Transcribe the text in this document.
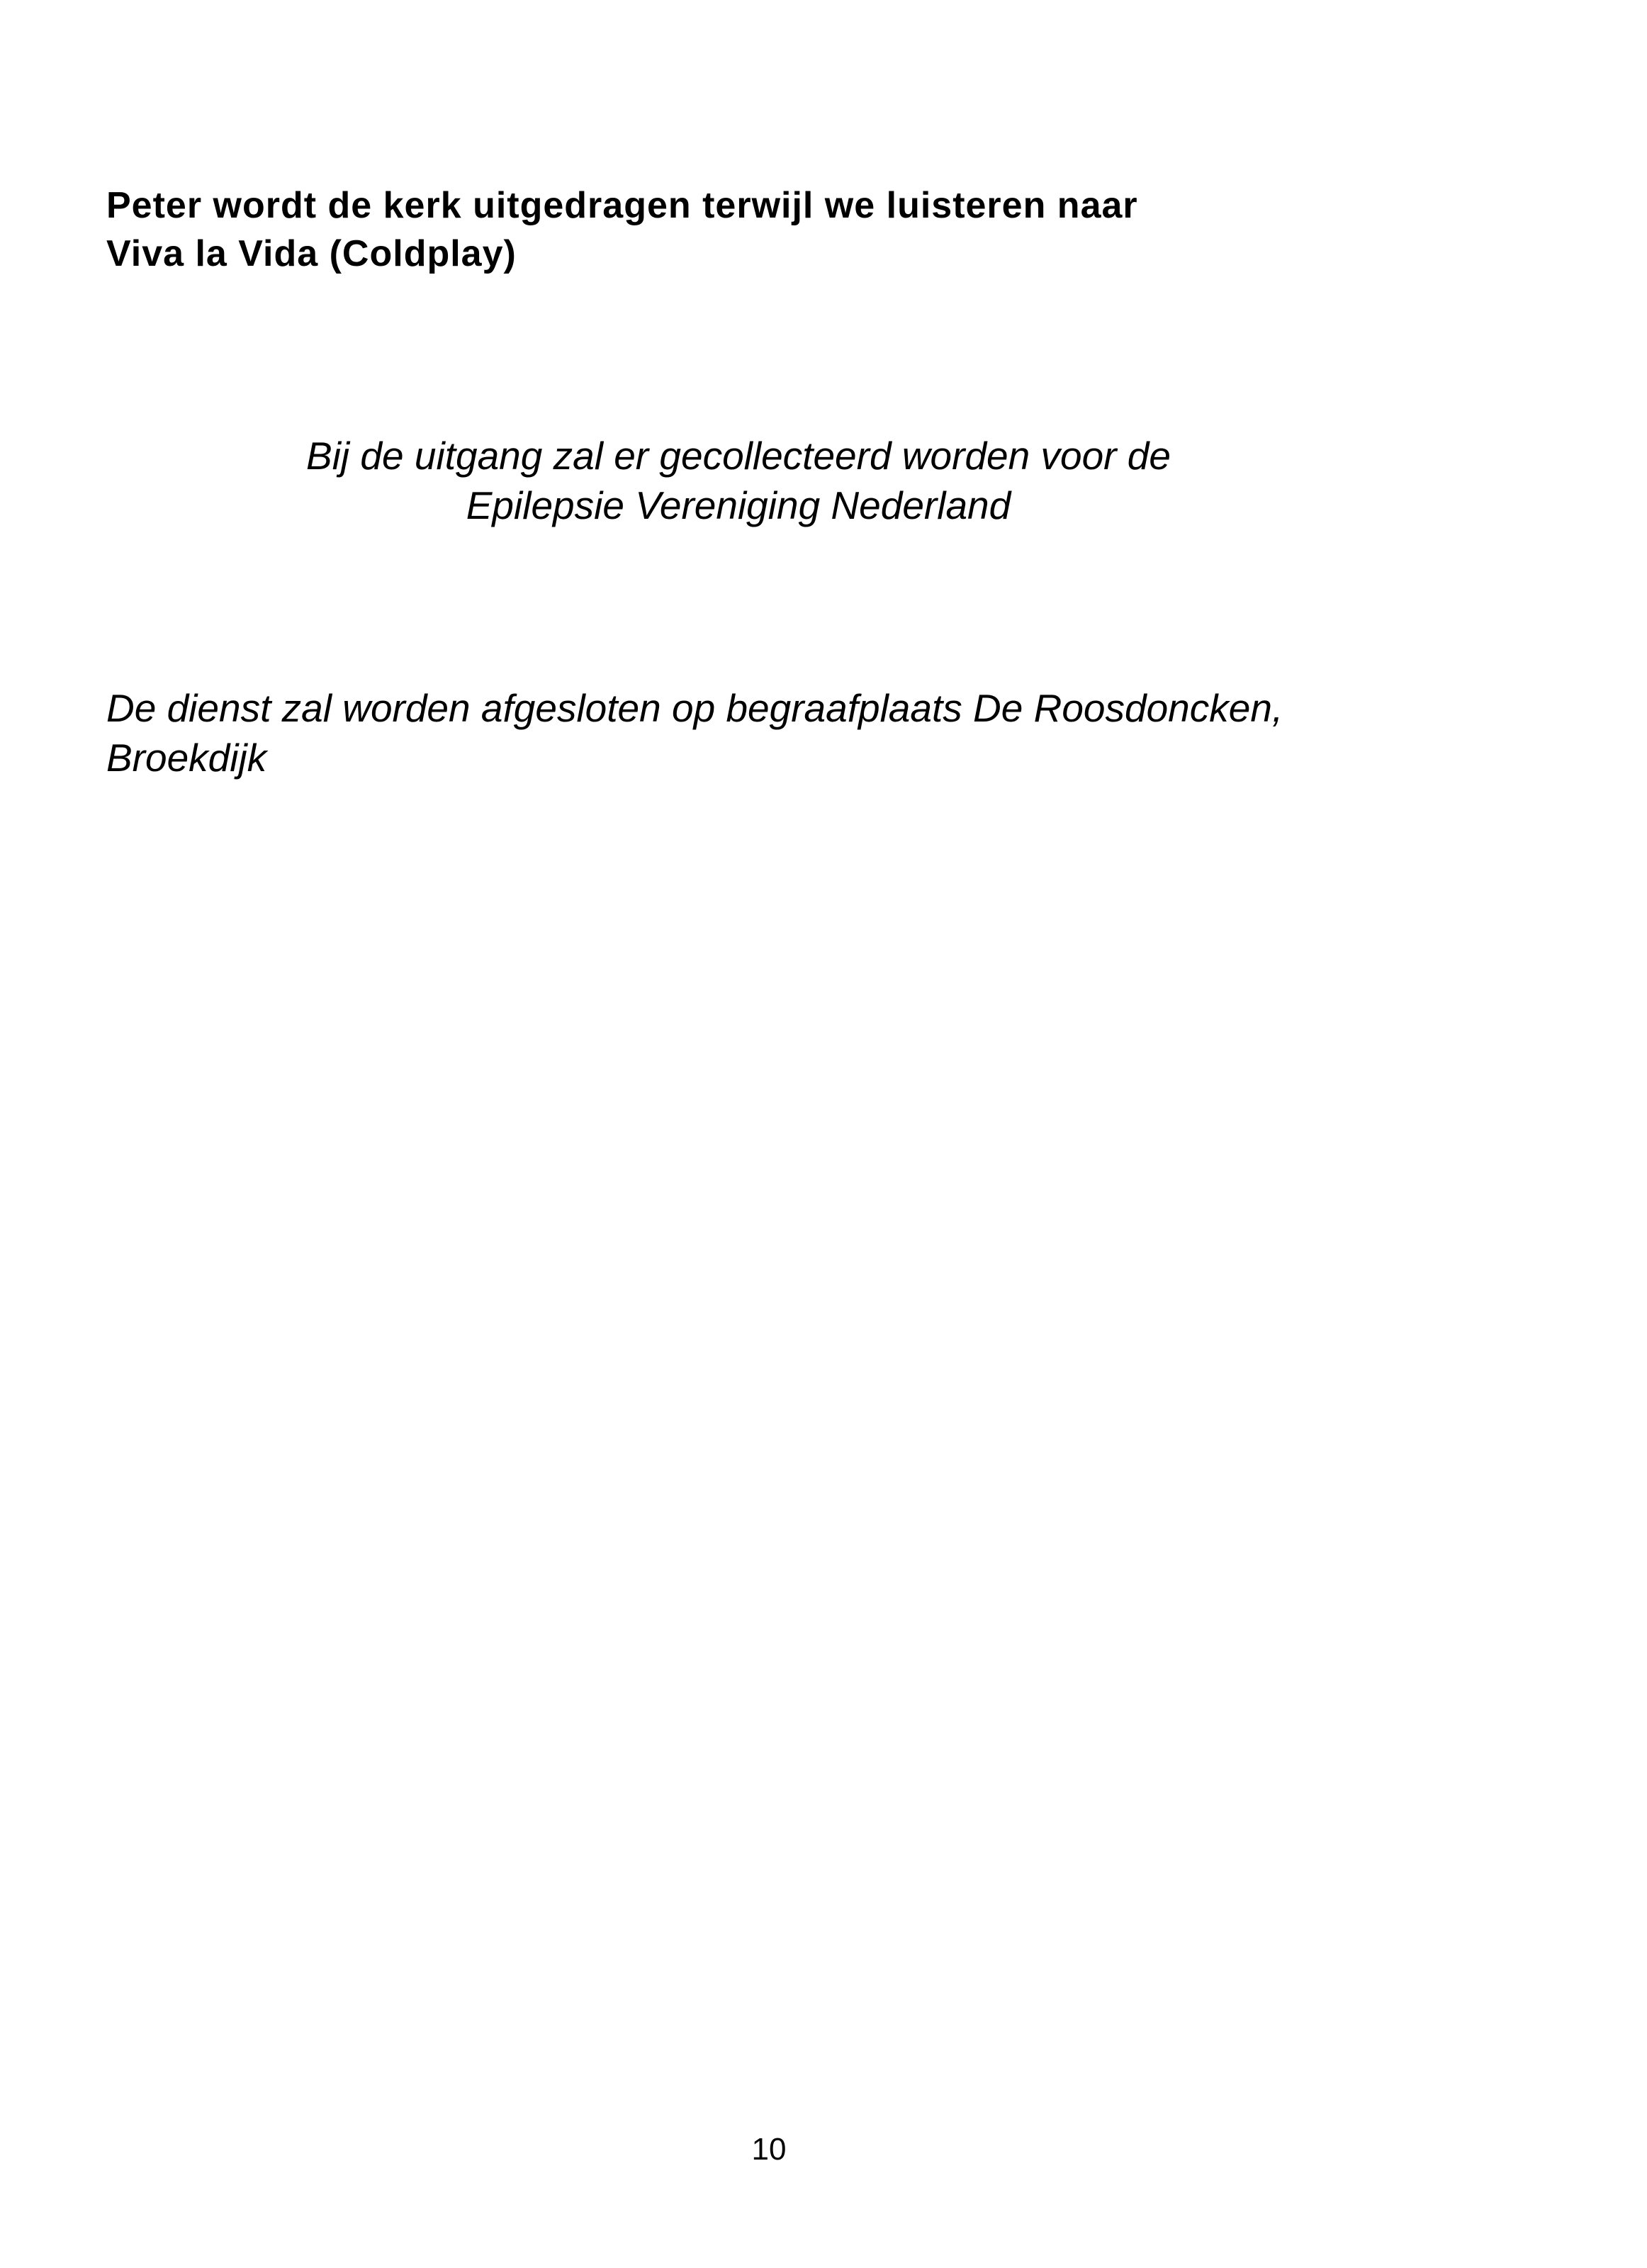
Peter wordt de kerk uitgedragen terwijl we luisteren naar
Viva la Vida (Coldplay)
Bij de uitgang zal er gecollecteerd worden voor de
Epilepsie Vereniging Nederland
De dienst zal worden afgesloten op begraafplaats De Roosdoncken,
Broekdijk
10
